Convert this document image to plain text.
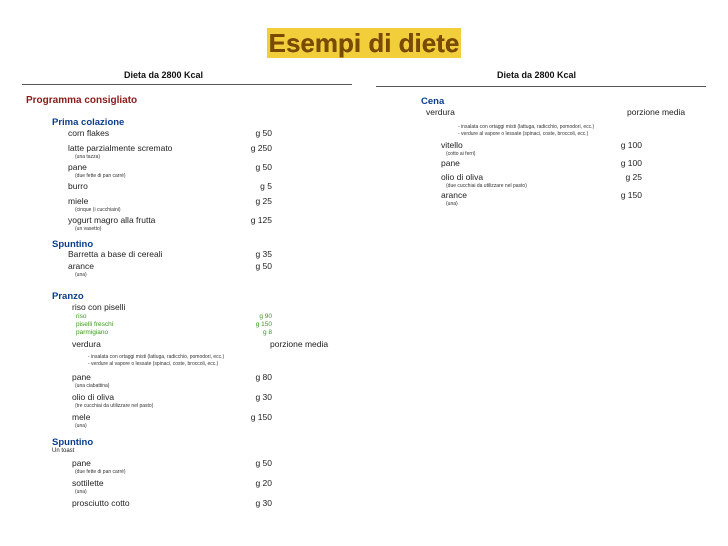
Esempi di diete
Dieta da 2800 Kcal
Programma consigliato
Prima colazione
Spuntino
Pranzo
riso con piselli
verdura	porzione media
- insalata con ortaggi misti (lattuga, radicchio, pomodori, ecc.)
- verdure al vapore o lessate (spinaci, coste, broccoli, ecc.)
Spuntino
Un toast
Dieta da 2800 Kcal
Cena
verdura	porzione media
- insalata con ortaggi misti (lattuga, radicchio, pomodori, ecc.)
- verdure al vapore o lessate (spinaci, coste, broccoli, ecc.)
corn flakes	g 50
latte parzialmente scremato	g 250
(una tazza)
pane	g 50
(due fette di pan carrè)
burro	g 5
miele	g 25
(cinque (i cucchiaini)
yogurt magro alla frutta	g 125
(un vasetto)
Barretta a base di cereali	g 35
arance	g 50
(una)
riso	g 90
piselli freschi	g 150
parmigiano	g 8
pane	g 80
(una ciabattina)
olio di oliva	g 30
(tre cucchiai da utilizzare nel pasto)
mele	g 150
(una)
pane	g 50
(due fette di pan carrè)
sottilette	g 20
(una)
prosciutto cotto	g 30
vitello	g 100
(cotto ai ferri)
pane	g 100
olio di oliva	g 25
(due cucchiai da utilizzare nel pasto)
arance	g 150
(una)
